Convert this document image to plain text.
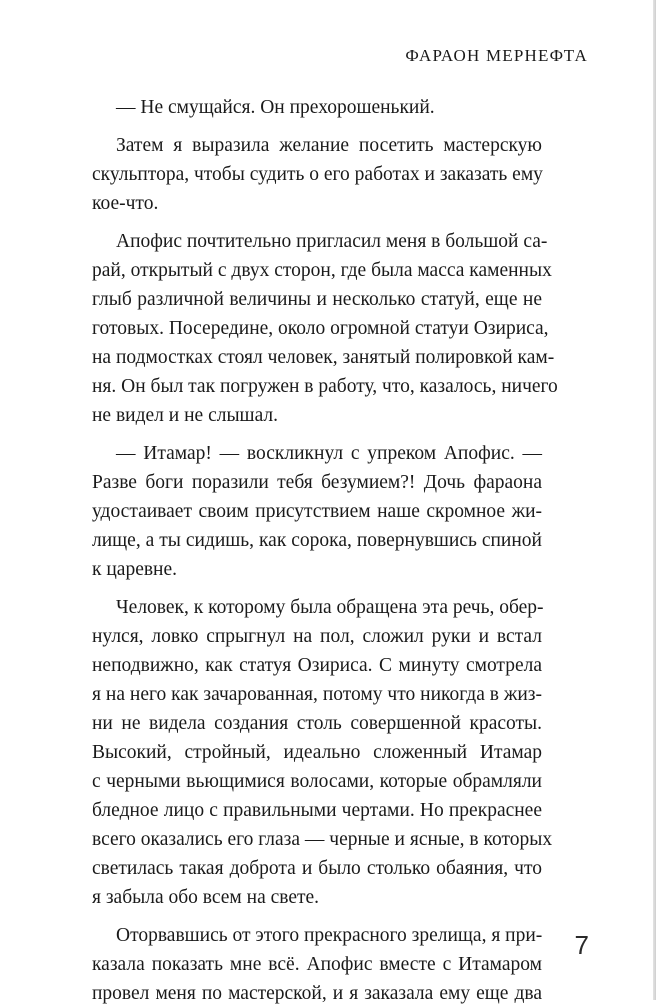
ФАРАОН МЕРНЕФТА
— Не смущайся. Он прехорошенький.
Затем я выразила желание посетить мастерскую
скульптора, чтобы судить о его работах и заказать ему
кое-что.
Апофис почтительно пригласил меня в большой са-
рай, открытый с двух сторон, где была масса каменных
глыб различной величины и несколько статуй, еще не
готовых. Посередине, около огромной статуи Озириса,
на подмостках стоял человек, занятый полировкой кам-
ня. Он был так погружен в работу, что, казалось, ничего
не видел и не слышал.
— Итамар! — воскликнул с упреком Апофис. —
Разве боги поразили тебя безумием?! Дочь фараона
удостаивает своим присутствием наше скромное жи-
лище, а ты сидишь, как сорока, повернувшись спиной
к царевне.
Человек, к которому была обращена эта речь, обер-
нулся, ловко спрыгнул на пол, сложил руки и встал
неподвижно, как статуя Озириса. С минуту смотрела
я на него как зачарованная, потому что никогда в жиз-
ни не видела создания столь совершенной красоты.
Высокий, стройный, идеально сложенный Итамар
с черными вьющимися волосами, которые обрамляли
бледное лицо с правильными чертами. Но прекраснее
всего оказались его глаза — черные и ясные, в которых
светилась такая доброта и было столько обаяния, что
я забыла обо всем на свете.
Оторвавшись от этого прекрасного зрелища, я при-
казала показать мне всё. Апофис вместе с Итамаром
провел меня по мастерской, и я заказала ему еще два
7
